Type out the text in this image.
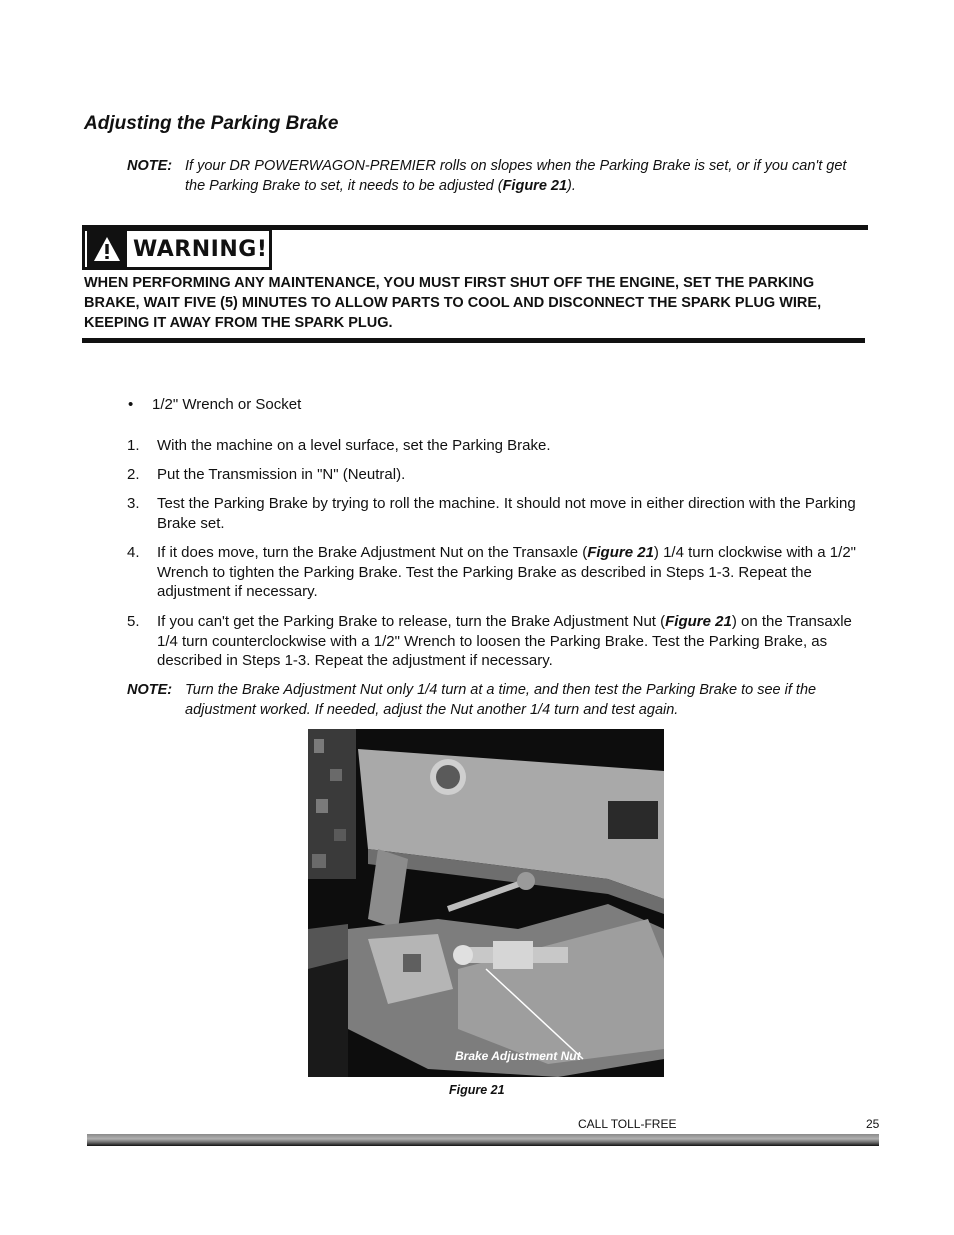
Adjusting the Parking Brake
NOTE: If your DR POWERWAGON-PREMIER rolls on slopes when the Parking Brake is set, or if you can't get the Parking Brake to set, it needs to be adjusted (Figure 21).
WARNING!
WHEN PERFORMING ANY MAINTENANCE, YOU MUST FIRST SHUT OFF THE ENGINE, SET THE PARKING BRAKE, WAIT FIVE (5) MINUTES TO ALLOW PARTS TO COOL AND DISCONNECT THE SPARK PLUG WIRE, KEEPING IT AWAY FROM THE SPARK PLUG.
• 1/2" Wrench or Socket
1. With the machine on a level surface, set the Parking Brake.
2. Put the Transmission in "N" (Neutral).
3. Test the Parking Brake by trying to roll the machine. It should not move in either direction with the Parking Brake set.
4. If it does move, turn the Brake Adjustment Nut on the Transaxle (Figure 21) 1/4 turn clockwise with a 1/2" Wrench to tighten the Parking Brake. Test the Parking Brake as described in Steps 1-3. Repeat the adjustment if necessary.
5. If you can't get the Parking Brake to release, turn the Brake Adjustment Nut (Figure 21) on the Transaxle 1/4 turn counterclockwise with a 1/2" Wrench to loosen the Parking Brake. Test the Parking Brake, as described in Steps 1-3. Repeat the adjustment if necessary.
NOTE: Turn the Brake Adjustment Nut only 1/4 turn at a time, and then test the Parking Brake to see if the adjustment worked. If needed, adjust the Nut another 1/4 turn and test again.
Brake Adjustment Nut
Figure 21
CALL TOLL-FREE	25
